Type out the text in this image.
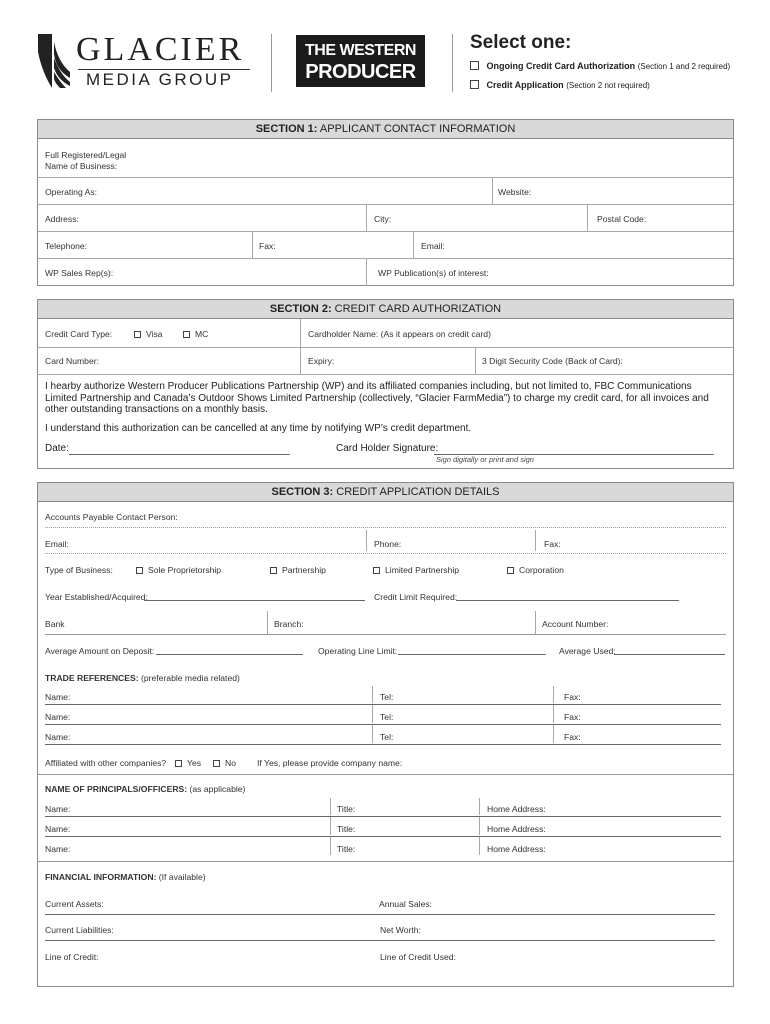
GLACIER
MEDIA GROUP
THE WESTERN
PRODUCER
Select one:
Ongoing Credit Card Authorization (Section 1 and 2 required)
Credit Application (Section 2 not required)
SECTION 1: APPLICANT CONTACT INFORMATION
Full Registered/Legal
Name of Business:
Operating As:	Website:
Address:	City:	Postal Code:
Telephone:	Fax:	Email:
WP Sales Rep(s):	WP Publication(s) of interest:
SECTION 2: CREDIT CARD AUTHORIZATION
Credit Card Type:	Visa	MC	Cardholder Name: (As it appears on credit card)
Card Number:	Expiry:	3 Digit Security Code (Back of Card):
I hearby authorize Western Producer Publications Partnership (WP) and its affiliated companies including, but not limited to, FBC Communications Limited Partnership and Canada’s Outdoor Shows Limited Partnership (collectively, “Glacier FarmMedia”) to charge my credit card, for all invoices and other outstanding transactions on a monthly basis.
I understand this authorization can be cancelled at any time by notifying WP’s credit department.
Date:	Card Holder Signature:
Sign digitally or print and sign
SECTION 3: CREDIT APPLICATION DETAILS
Accounts Payable Contact Person:
Email:	Phone:	Fax:
Type of Business:	Sole Proprietorship	Partnership	Limited Partnership	Corporation
Year Established/Acquired:	Credit Limit Required:
Bank	Branch:	Account Number:
Average Amount on Deposit:	Operating Line Limit:	Average Used:
TRADE REFERENCES: (preferable media related)
Name:	Tel:	Fax:
Name:	Tel:	Fax:
Name:	Tel:	Fax:
Affiliated with other companies?	Yes	No If Yes, please provide company name:
NAME OF PRINCIPALS/OFFICERS: (as applicable)
Name:	Title:	Home Address:
Name:	Title:	Home Address:
Name:	Title:	Home Address:
FINANCIAL INFORMATION: (If available)
Current Assets:	Annual Sales:
Current Liabilities:	Net Worth:
Line of Credit:	Line of Credit Used:
